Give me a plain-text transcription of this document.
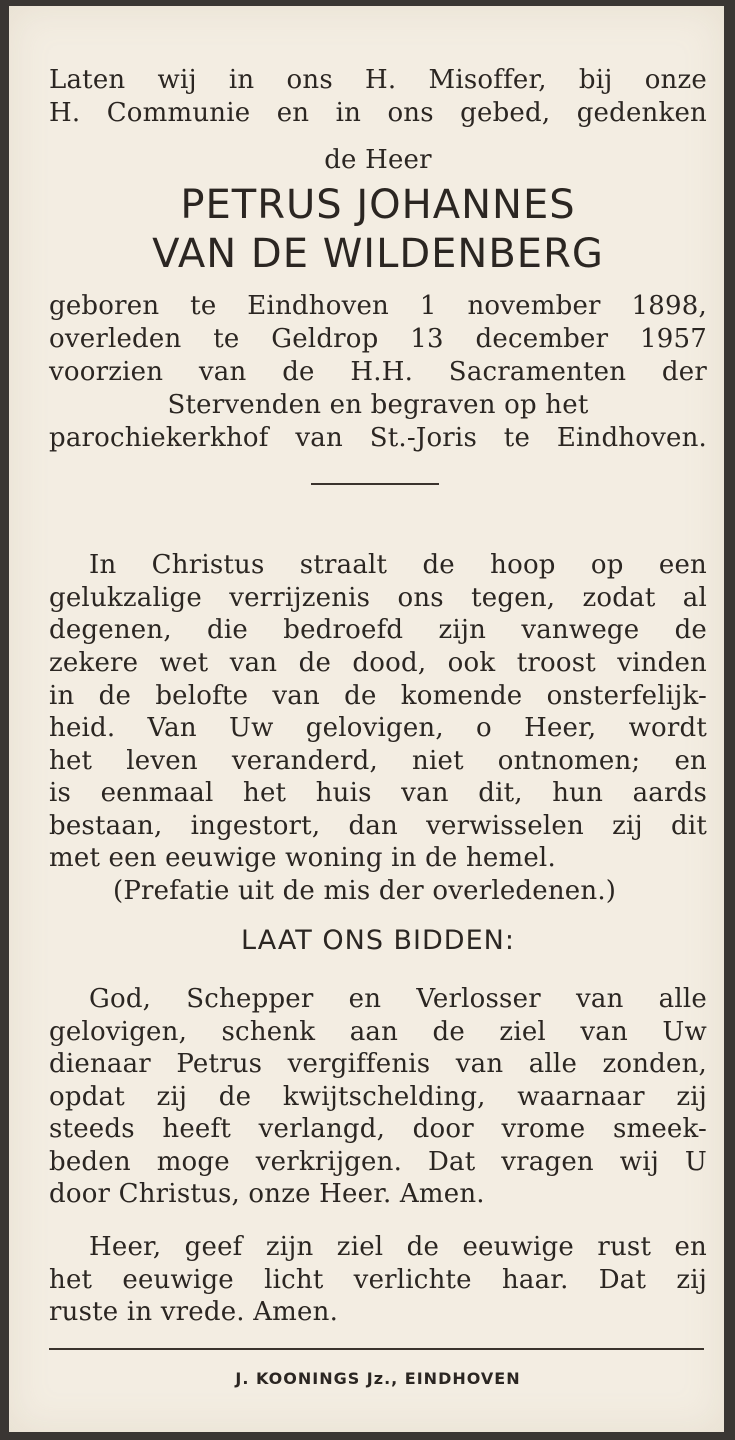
Laten wij in ons H. Misoffer, bij onze
H. Communie en in ons gebed, gedenken
de Heer
PETRUS JOHANNES
VAN DE WILDENBERG
geboren te Eindhoven 1 november 1898,
overleden te Geldrop 13 december 1957
voorzien van de H.H. Sacramenten der
Stervenden en begraven op het
parochiekerkhof van St.-Joris te Eindhoven.
In Christus straalt de hoop op een
gelukzalige verrijzenis ons tegen, zodat al
degenen, die bedroefd zijn vanwege de
zekere wet van de dood, ook troost vinden
in de belofte van de komende onsterfelijk-
heid. Van Uw gelovigen, o Heer, wordt
het leven veranderd, niet ontnomen; en
is eenmaal het huis van dit, hun aards
bestaan, ingestort, dan verwisselen zij dit
met een eeuwige woning in de hemel.
(Prefatie uit de mis der overledenen.)
LAAT ONS BIDDEN:
God, Schepper en Verlosser van alle
gelovigen, schenk aan de ziel van Uw
dienaar Petrus vergiffenis van alle zonden,
opdat zij de kwijtschelding, waarnaar zij
steeds heeft verlangd, door vrome smeek-
beden moge verkrijgen. Dat vragen wij U
door Christus, onze Heer. Amen.
Heer, geef zijn ziel de eeuwige rust en
het eeuwige licht verlichte haar. Dat zij
ruste in vrede. Amen.
J. KOONINGS Jz., EINDHOVEN
